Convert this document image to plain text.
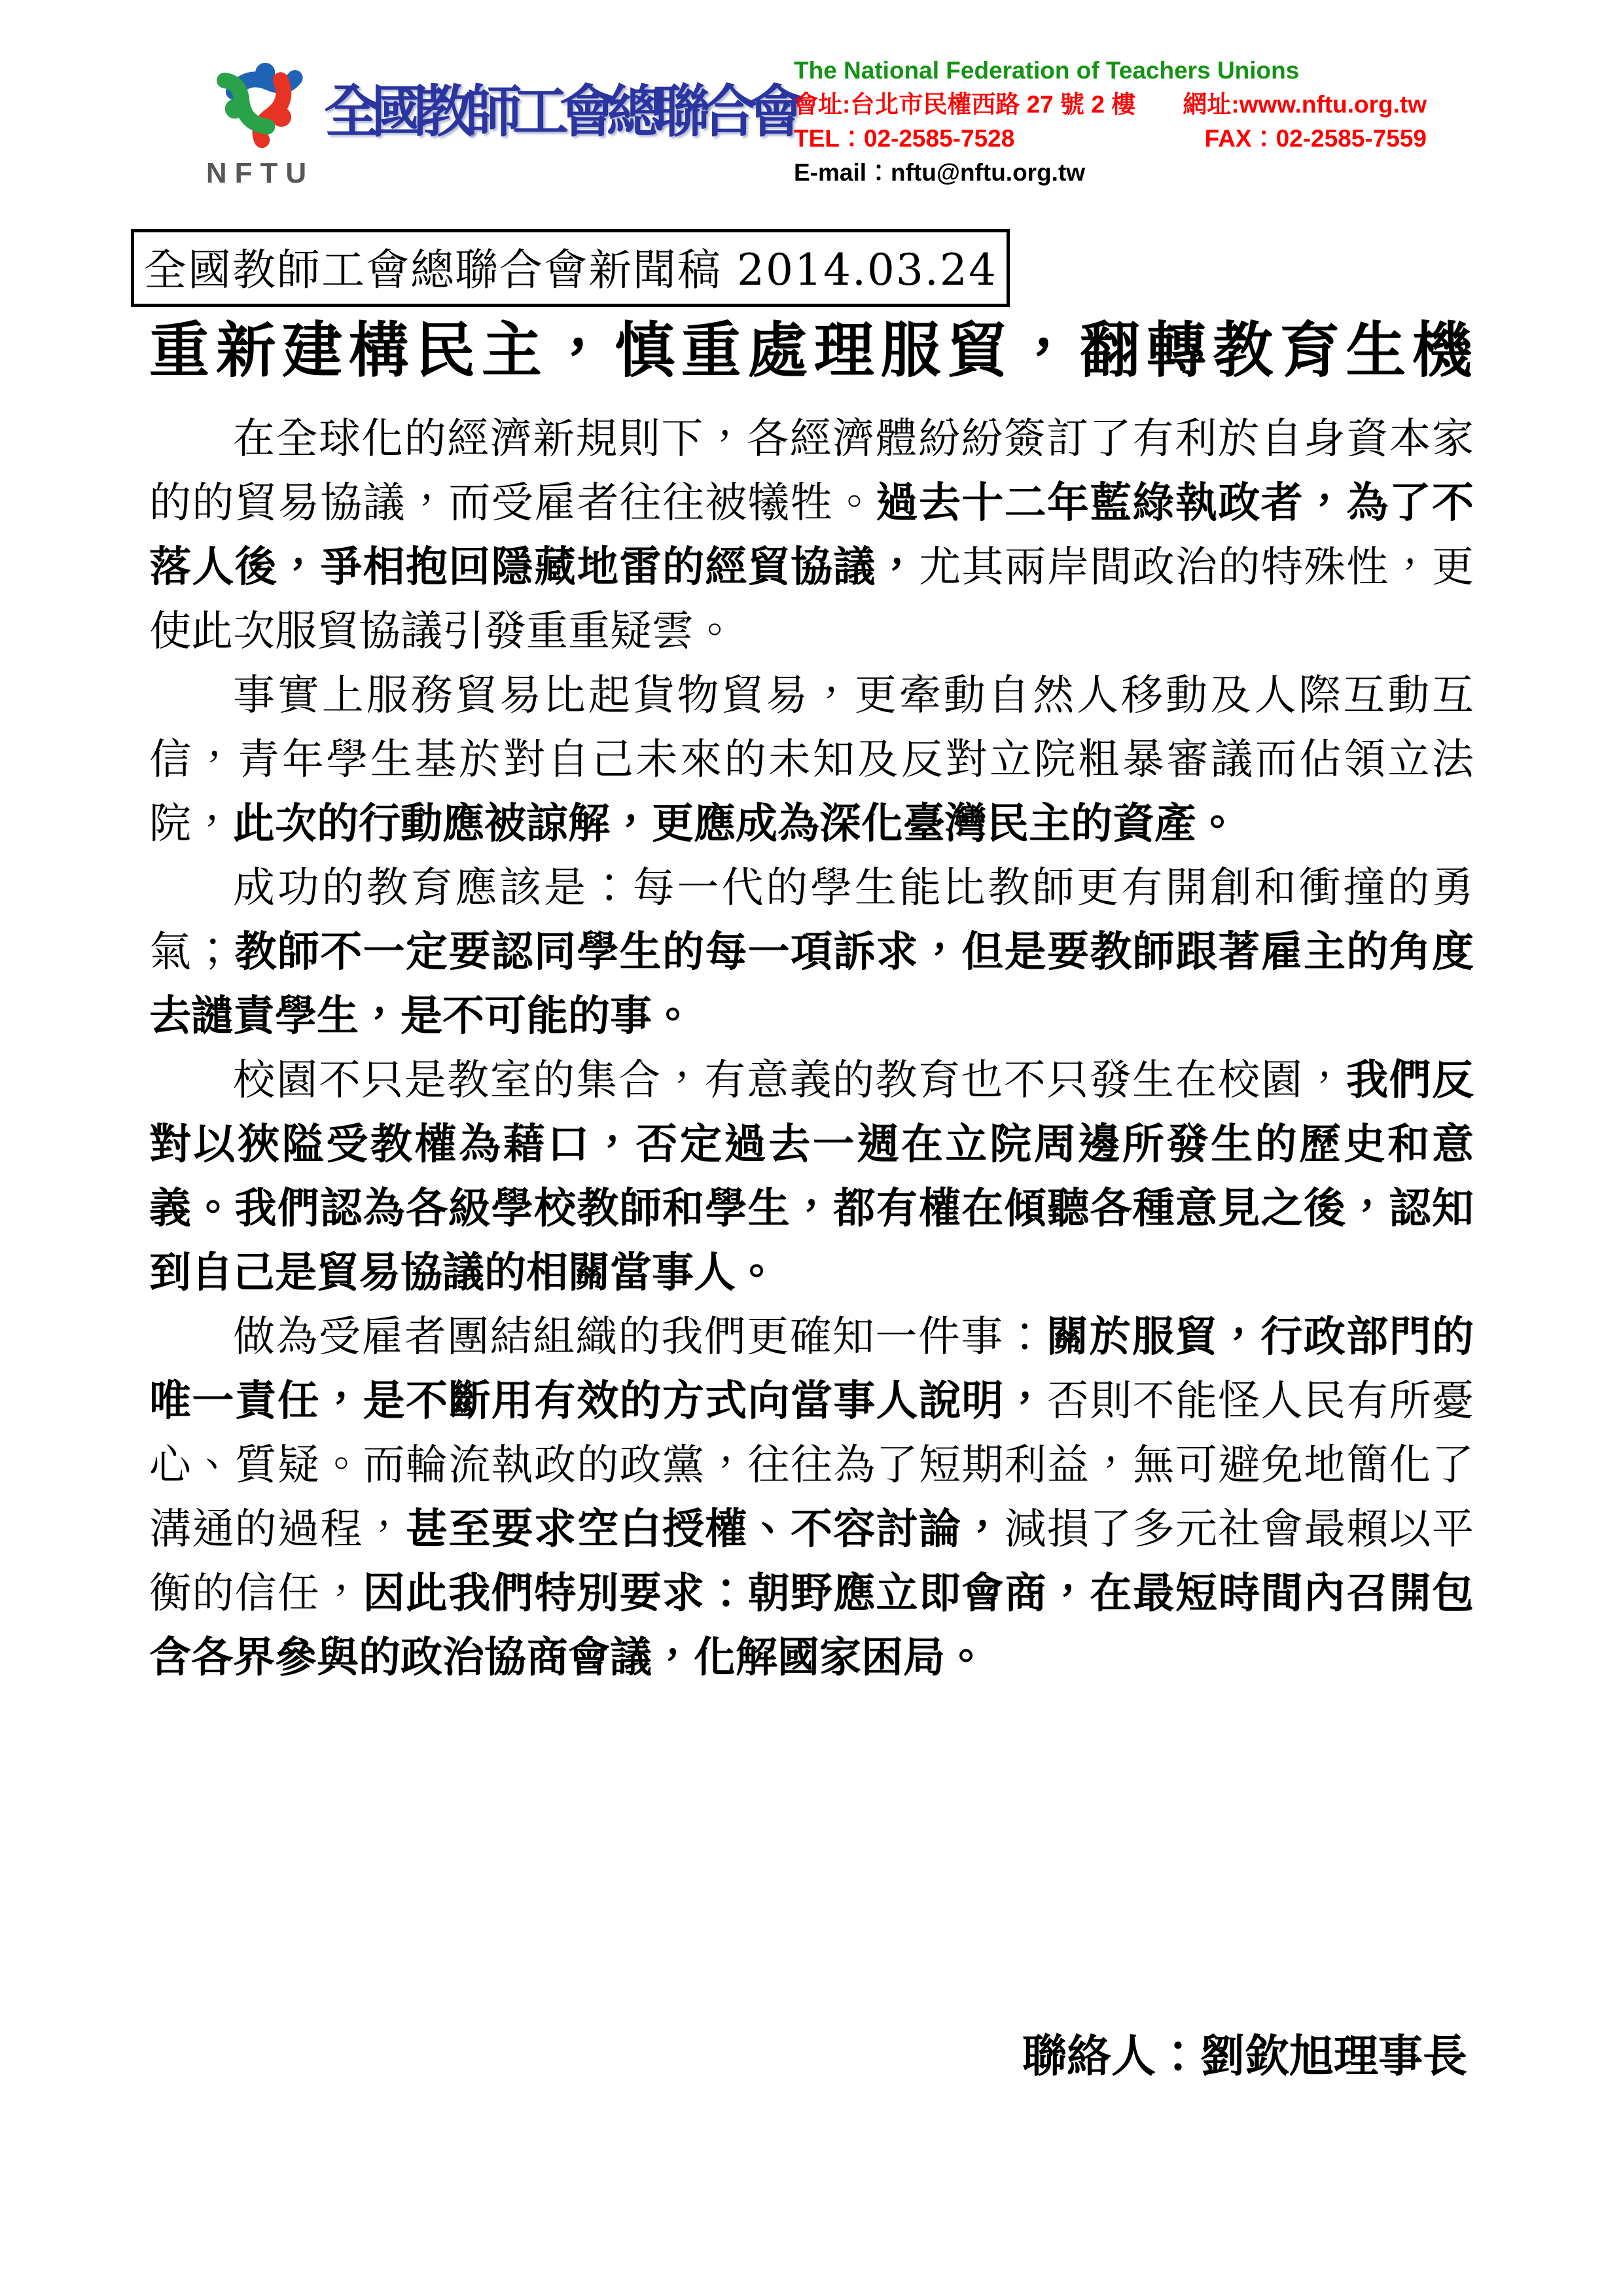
NFTU
全國教師工會總聯合會
The National Federation of Teachers Unions
會址:台北市民權西路 27 號 2 樓 網址:www.nftu.org.tw
TEL：02-2585-7528	FAX：02-2585-7559
E-mail：nftu@nftu.org.tw
全國教師工會總聯合會新聞稿 2014.03.24
重新建構民主，慎重處理服貿，翻轉教育生機

在全球化的經濟新規則下，各經濟體紛紛簽訂了有利於自身資本家的的貿易協議，而受雇者往往被犧牲。過去十二年藍綠執政者，為了不落人後，爭相抱回隱藏地雷的經貿協議，尤其兩岸間政治的特殊性，更使此次服貿協議引發重重疑雲。

事實上服務貿易比起貨物貿易，更牽動自然人移動及人際互動互信，青年學生基於對自己未來的未知及反對立院粗暴審議而佔領立法院，此次的行動應被諒解，更應成為深化臺灣民主的資產。

成功的教育應該是：每一代的學生能比教師更有開創和衝撞的勇氣；教師不一定要認同學生的每一項訴求，但是要教師跟著雇主的角度去譴責學生，是不可能的事。

校園不只是教室的集合，有意義的教育也不只發生在校園，我們反對以狹隘受教權為藉口，否定過去一週在立院周邊所發生的歷史和意義。我們認為各級學校教師和學生，都有權在傾聽各種意見之後，認知到自己是貿易協議的相關當事人。

做為受雇者團結組織的我們更確知一件事：關於服貿，行政部門的唯一責任，是不斷用有效的方式向當事人說明，否則不能怪人民有所憂心、質疑。而輪流執政的政黨，往往為了短期利益，無可避免地簡化了溝通的過程，甚至要求空白授權、不容討論，減損了多元社會最賴以平衡的信任，因此我們特別要求：朝野應立即會商，在最短時間內召開包含各界參與的政治協商會議，化解國家困局。

聯絡人：劉欽旭理事長
